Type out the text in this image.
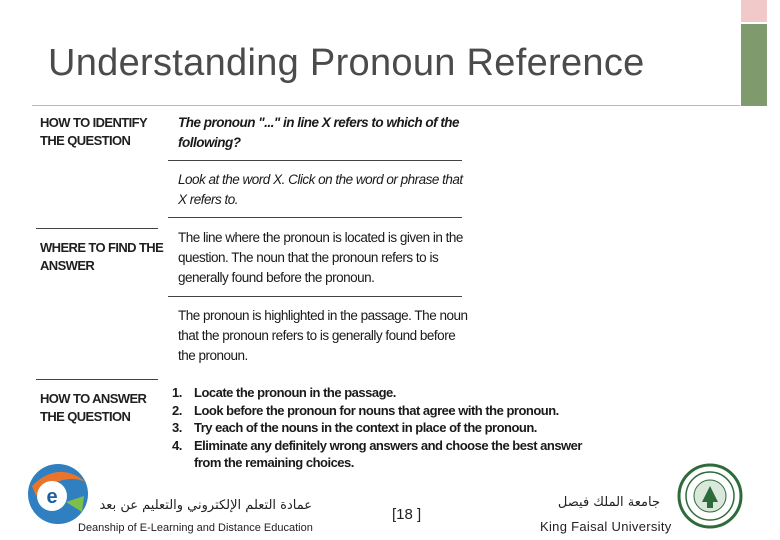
Understanding Pronoun Reference
HOW TO IDENTIFY THE QUESTION
WHERE TO FIND THE ANSWER
HOW TO ANSWER THE QUESTION
The pronoun "..." in line X refers to which of the following?
Look at the word X. Click on the word or phrase that X refers to.
The line where the pronoun is located is given in the question. The noun that the pronoun refers to is generally found before the pronoun.
The pronoun is highlighted in the passage. The noun that the pronoun refers to is generally found before the pronoun.
1. Locate the pronoun in the passage.
2. Look before the pronoun for nouns that agree with the pronoun.
3. Try each of the nouns in the context in place of the pronoun.
4. Eliminate any definitely wrong answers and choose the best answer from the remaining choices.
e	عمادة التعلم الإلكتروني والتعليم عن بعد
Deanship of E-Learning and Distance Education
[18 ]
جامعة الملك فيصل
King Faisal University
